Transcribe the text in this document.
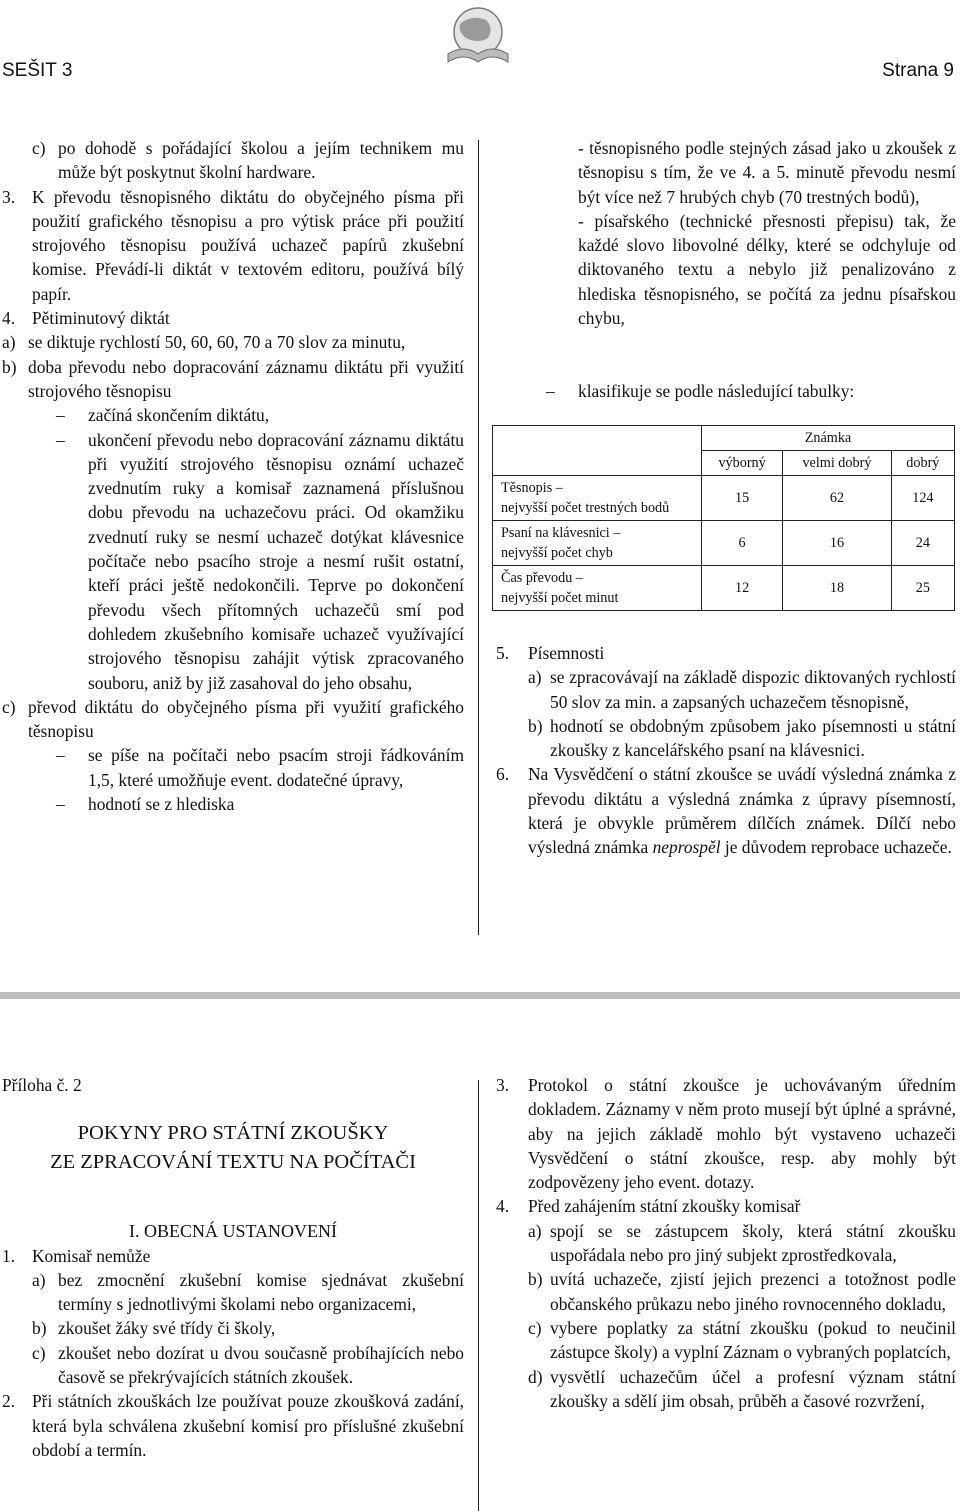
SEŠIT 3	Strana 9
c) po dohodě s pořádající školou a jejím technikem mu může být poskytnut školní hardware.
3. K převodu těsnopisného diktátu do obyčejného písma při použití grafického těsnopisu a pro výtisk práce při použití strojového těsnopisu používá uchazeč papírů zkušební komise. Převádí-li diktát v textovém editoru, používá bílý papír.
4. Pětiminutový diktát
a) se diktuje rychlostí 50, 60, 60, 70 a 70 slov za minutu,
b) doba převodu nebo dopracování záznamu diktátu při využití strojového těsnopisu
–	začíná skončením diktátu,
–	ukončení převodu nebo dopracování záznamu diktátu při využití strojového těsnopisu oznámí uchazeč zvednutím ruky a komisař zaznamená příslušnou dobu převodu na uchazečovu práci. Od okamžiku zvednutí ruky se nesmí uchazeč dotýkat klávesnice počítače nebo psacího stroje a nesmí rušit ostatní, kteří práci ještě nedokončili. Teprve po dokončení převodu všech přítomných uchazečů smí pod dohledem zkušebního komisaře uchazeč využívající strojového těsnopisu zahájit výtisk zpracovaného souboru, aniž by již zasahoval do jeho obsahu,
c) převod diktátu do obyčejného písma při využití grafického těsnopisu
–	se píše na počítači nebo psacím stroji řádkováním 1,5, které umožňuje event. dodatečné úpravy,
–	hodnotí se z hlediska

- těsnopisného podle stejných zásad jako u zkoušek z těsnopisu s tím, že ve 4. a 5. minutě převodu nesmí být více než 7 hrubých chyb (70 trestných bodů),

- písařského (technické přesnosti přepisu) tak, že každé slovo libovolné délky, které se odchyluje od diktovaného textu a nebylo již penalizováno z hlediska těsnopisného, se počítá za jednu písařskou chybu,

–	klasifikuje se podle následující tabulky:
	Známka		
	výborný	velmi dobrý	dobrý

Těsnopis –
nejvyšší počet trestných bodů	15	62	124

Psaní na klávesnici –
nejvyšší počet chyb	6	16	24

Čas převodu –
nejvyšší počet minut	12	18	25
5.	Písemnosti
a) se zpracovávají na základě dispozic diktovaných rychlostí 50 slov za min. a zapsaných uchazečem těsnopisně,
b) hodnotí se obdobným způsobem jako písemnosti u státní zkoušky z kancelářského psaní na klávesnici.
6.	Na Vysvědčení o státní zkoušce se uvádí výsledná známka z převodu diktátu a výsledná známka z úpravy písemností, která je obvykle průměrem dílčích známek. Dílčí nebo výsledná známka neprospěl je důvodem reprobace uchazeče.

Příloha č. 2

POKYNY PRO STÁTNÍ ZKOUŠKY

ZE ZPRACOVÁNÍ TEXTU NA POČÍTAČI

I. OBECNÁ USTANOVENÍ

1. Komisař nemůže
a) bez zmocnění zkušební komise sjednávat zkušební termíny s jednotlivými školami nebo organizacemi,
b) zkoušet žáky své třídy či školy,
c) zkoušet nebo dozírat u dvou současně probíhajících nebo časově se překrývajících státních zkoušek.
2. Při státních zkouškách lze používat pouze zkoušková zadání, která byla schválena zkušební komisí pro příslušné zkušební období a termín.
3.	Protokol o státní zkoušce je uchovávaným úředním dokladem. Záznamy v něm proto musejí být úplné a správné, aby na jejich základě mohlo být vystaveno uchazeči Vysvědčení o státní zkoušce, resp. aby mohly být zodpovězeny jeho event. dotazy.
4.	Před zahájením státní zkoušky komisař
a) spojí se se zástupcem školy, která státní zkoušku uspořádala nebo pro jiný subjekt zprostředkovala,
b) uvítá uchazeče, zjistí jejich prezenci a totožnost podle občanského průkazu nebo jiného rovnocenného dokladu,
c) vybere poplatky za státní zkoušku (pokud to neučinil zástupce školy) a vyplní Záznam o vybraných poplatcích,
d) vysvětlí uchazečům účel a profesní význam státní zkoušky a sdělí jim obsah, průběh a časové rozvržení,
